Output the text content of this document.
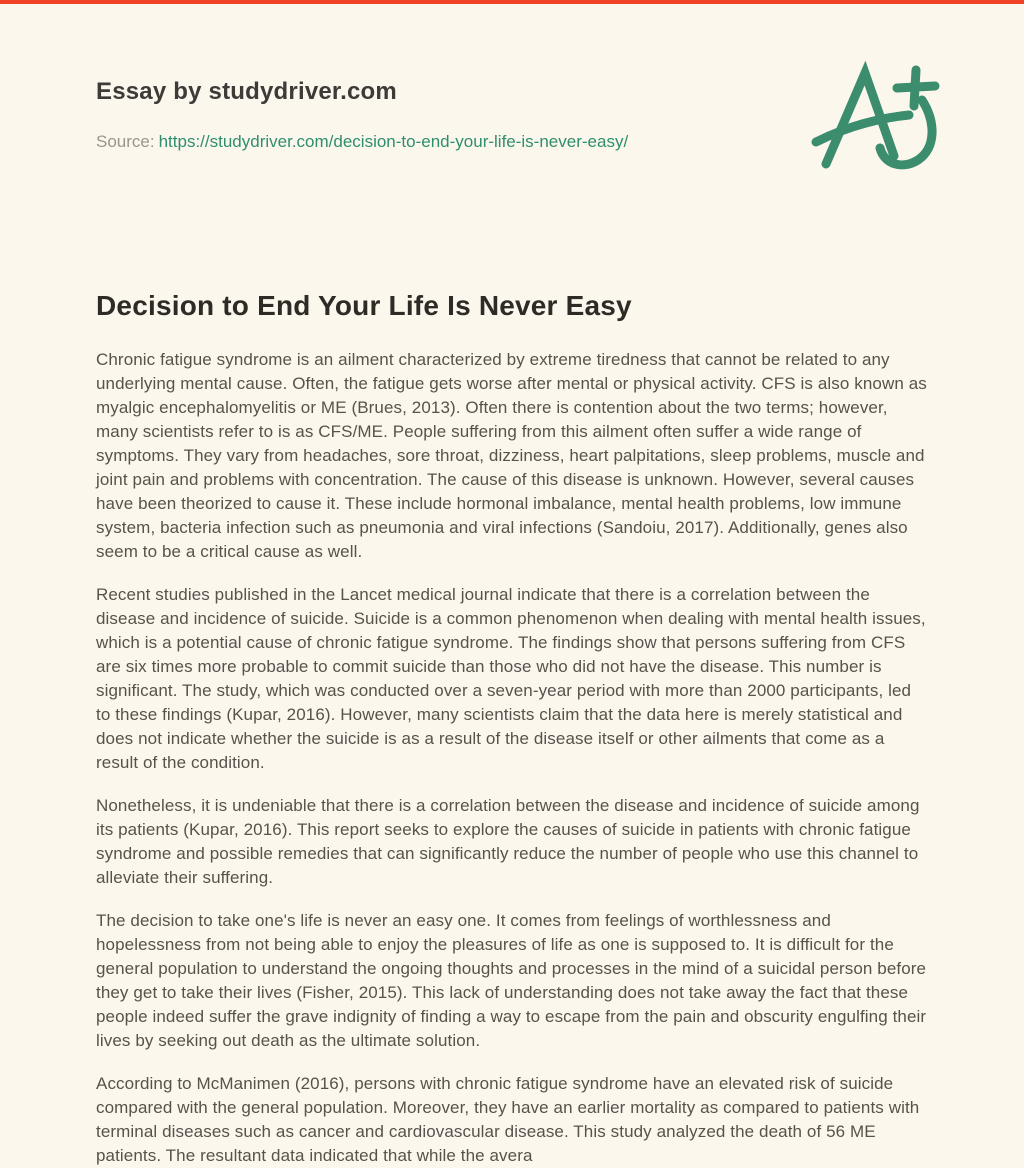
Essay by studydriver.com
Source: https://studydriver.com/decision-to-end-your-life-is-never-easy/
Decision to End Your Life Is Never Easy

Chronic fatigue syndrome is an ailment characterized by extreme tiredness that cannot be related to any underlying mental cause. Often, the fatigue gets worse after mental or physical activity. CFS is also known as myalgic encephalomyelitis or ME (Brues, 2013). Often there is contention about the two terms; however, many scientists refer to is as CFS/ME. People suffering from this ailment often suffer a wide range of symptoms. They vary from headaches, sore throat, dizziness, heart palpitations, sleep problems, muscle and joint pain and problems with concentration. The cause of this disease is unknown. However, several causes have been theorized to cause it. These include hormonal imbalance, mental health problems, low immune system, bacteria infection such as pneumonia and viral infections (Sandoiu, 2017). Additionally, genes also seem to be a critical cause as well.

Recent studies published in the Lancet medical journal indicate that there is a correlation between the disease and incidence of suicide. Suicide is a common phenomenon when dealing with mental health issues, which is a potential cause of chronic fatigue syndrome. The findings show that persons suffering from CFS are six times more probable to commit suicide than those who did not have the disease. This number is significant. The study, which was conducted over a seven-year period with more than 2000 participants, led to these findings (Kupar, 2016). However, many scientists claim that the data here is merely statistical and does not indicate whether the suicide is as a result of the disease itself or other ailments that come as a result of the condition.

Nonetheless, it is undeniable that there is a correlation between the disease and incidence of suicide among its patients (Kupar, 2016). This report seeks to explore the causes of suicide in patients with chronic fatigue syndrome and possible remedies that can significantly reduce the number of people who use this channel to alleviate their suffering.

The decision to take one's life is never an easy one. It comes from feelings of worthlessness and hopelessness from not being able to enjoy the pleasures of life as one is supposed to. It is difficult for the general population to understand the ongoing thoughts and processes in the mind of a suicidal person before they get to take their lives (Fisher, 2015). This lack of understanding does not take away the fact that these people indeed suffer the grave indignity of finding a way to escape from the pain and obscurity engulfing their lives by seeking out death as the ultimate solution.

According to McManimen (2016), persons with chronic fatigue syndrome have an elevated risk of suicide compared with the general population. Moreover, they have an earlier mortality as compared to patients with terminal diseases such as cancer and cardiovascular disease. This study analyzed the death of 56 ME patients. The resultant data indicated that while the avera
